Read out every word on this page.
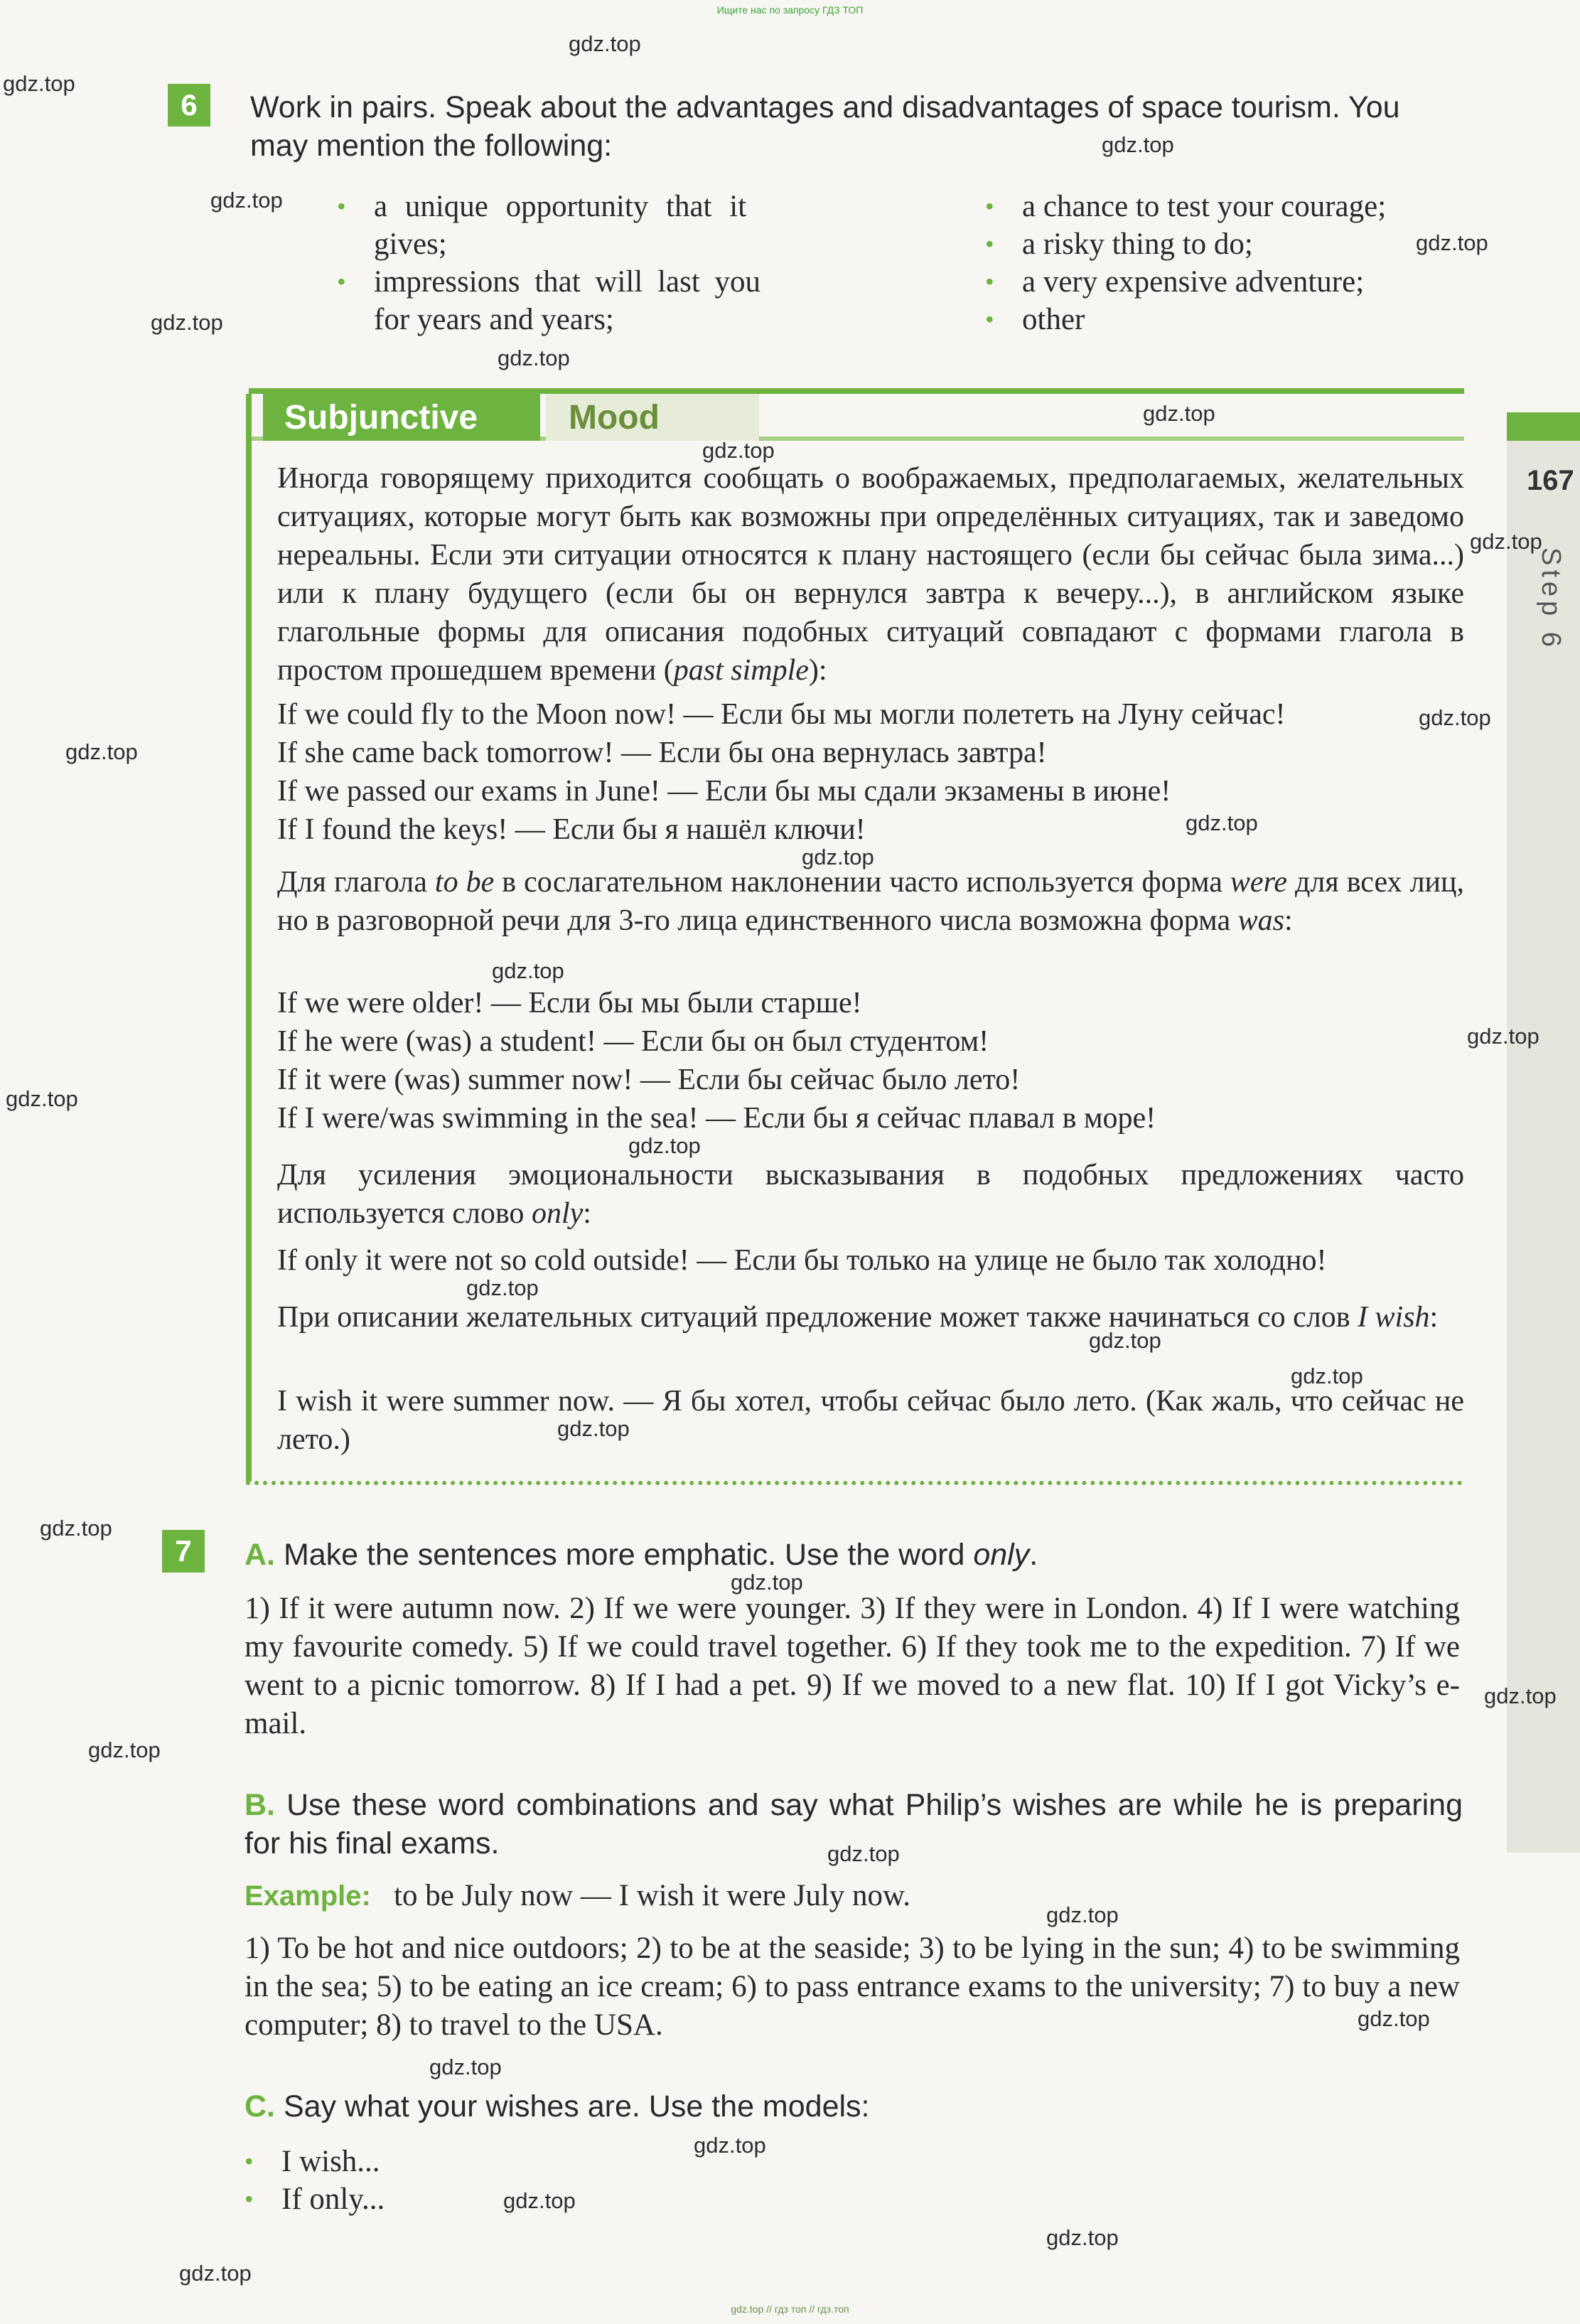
Ищите нас по запросу ГДЗ ТОП
167
Step 6
6	Work in pairs. Speak about the advantages and disadvantages of space tourism. You
may mention the following:
• a unique opportunity that it
gives;
• impressions that will last you
for years and years;
• a chance to test your courage;
• a risky thing to do;
• a very expensive adventure;
• other
Subjunctive	Mood

Иногда говорящему приходится сообщать о воображаемых, предполагаемых, желательных ситуациях, которые могут быть как возможны при определённых ситуациях, так и заведомо нереальны. Если эти ситуации относятся к плану настоящего (если бы сейчас была зима...) или к плану будущего (если бы он вернулся завтра к вечеру...), в английском языке глагольные формы для описания подобных ситуаций совпадают с формами глагола в простом прошедшем времени (past simple):

If we could fly to the Moon now! — Если бы мы могли полететь на Луну сейчас!
If she came back tomorrow! — Если бы она вернулась завтра!
If we passed our exams in June! — Если бы мы сдали экзамены в июне!
If I found the keys! — Если бы я нашёл ключи!

Для глагола to be в сослагательном наклонении часто используется форма were для всех лиц, но в разговорной речи для 3-го лица единственного числа возможна форма was:

If we were older! — Если бы мы были старше!
If he were (was) a student! — Если бы он был студентом!
If it were (was) summer now! — Если бы сейчас было лето!
If I were/was swimming in the sea! — Если бы я сейчас плавал в море!

Для усиления эмоциональности высказывания в подобных предложениях часто используется слово only:

If only it were not so cold outside! — Если бы только на улице не было так холодно!

При описании желательных ситуаций предложение может также начинаться со слов I wish:

I wish it were summer now. — Я бы хотел, чтобы сейчас было лето. (Как жаль, что сейчас не лето.)

7	A. Make the sentences more emphatic. Use the word only.

1) If it were autumn now. 2) If we were younger. 3) If they were in London. 4) If I were watching my favourite comedy. 5) If we could travel together. 6) If they took me to the expedition. 7) If we went to a picnic tomorrow. 8) If I had a pet. 9) If we moved to a new flat. 10) If I got Vicky’s e-mail.

B. Use these word combinations and say what Philip’s wishes are while he is preparing for his final exams.
Example: to be July now — I wish it were July now.

1) To be hot and nice outdoors; 2) to be at the seaside; 3) to be lying in the sun; 4) to be swimming in the sea; 5) to be eating an ice cream; 6) to pass entrance exams to the university; 7) to buy a new computer; 8) to travel to the USA.

C. Say what your wishes are. Use the models:
• I wish...
• If only...
gdz.top // гдз топ // гдз.топ
gdz.top
gdz.top
gdz.top
gdz.top
gdz.top
gdz.top
gdz.top
gdz.top
gdz.top
gdz.top
gdz.top
gdz.top
gdz.top
gdz.top
gdz.top
gdz.top
gdz.top
gdz.top
gdz.top
gdz.top
gdz.top
gdz.top
gdz.top
gdz.top
gdz.top
gdz.top
gdz.top
gdz.top
gdz.top
gdz.top
gdz.top
gdz.top
gdz.top
gdz.top
